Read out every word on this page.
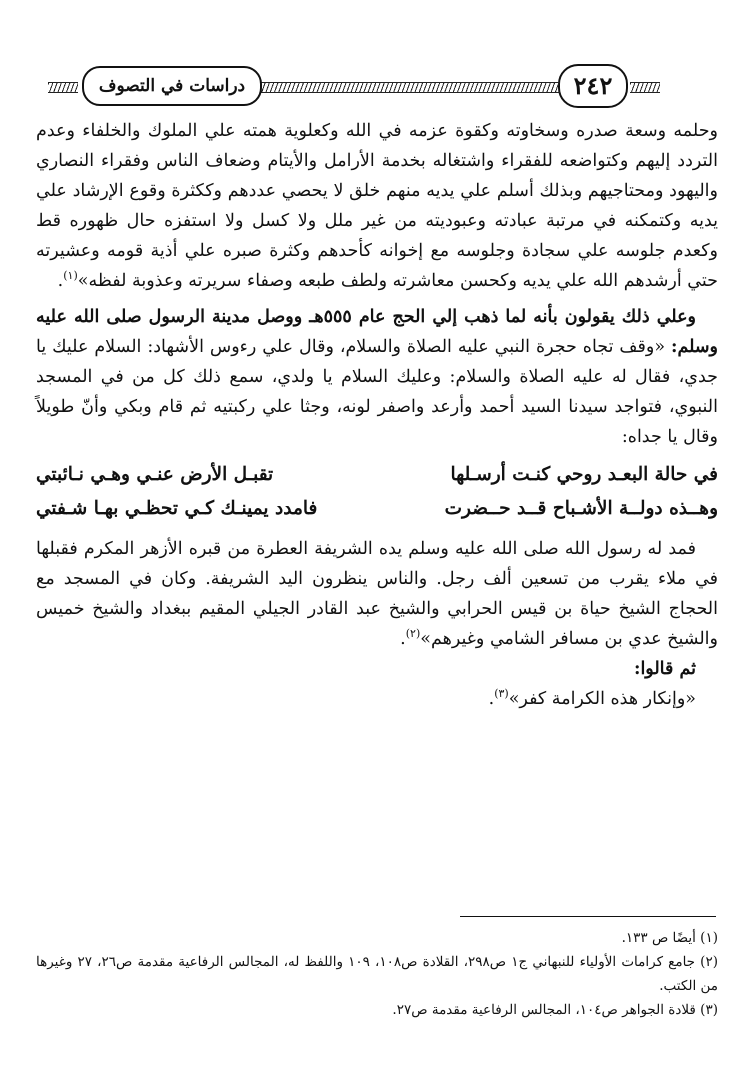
٢٤٢
دراسات في التصوف

وحلمه وسعة صدره وسخاوته وكقوة عزمه في الله وكعلوية همته علي الملوك والخلفاء وعدم التردد إليهم وكتواضعه للفقراء واشتغاله بخدمة الأرامل والأيتام وضعاف الناس وفقراء النصاري واليهود ومحتاجيهم وبذلك أسلم علي يديه منهم خلق لا يحصي عددهم وككثرة وقوع الإرشاد علي يديه وكتمكنه في مرتبة عبادته وعبوديته من غير ملل ولا كسل ولا استفزه حال ظهوره قط وكعدم جلوسه علي سجادة وجلوسه مع إخوانه كأحدهم وكثرة صبره علي أذية قومه وعشيرته حتي أرشدهم الله علي يديه وكحسن معاشرته ولطف طبعه وصفاء سريرته وعذوبة لفظه»$^{(١)}$.

وعلي ذلك يقولون بأنه لما ذهب إلي الحج عام ٥٥٥هـ ووصل مدينة الرسول صلى الله عليه وسلم: «وقف تجاه حجرة النبي عليه الصلاة والسلام، وقال علي رءوس الأشهاد: السلام عليك يا جدي، فقال له عليه الصلاة والسلام: وعليك السلام يا ولدي، سمع ذلك كل من في المسجد النبوي، فتواجد سيدنا السيد أحمد وأرعد واصفر لونه، وجثا علي ركبتيه ثم قام وبكي وأنّ طويلاً وقال يا جداه:

في حالة البعـد روحي كنـت أرسـلها
تقبـل الأرض عنـي وهـي نـائبتي
وهــذه دولــة الأشـباح قــد حــضرت
فامدد يمينـك كـي تحظـي بهـا شـفتي

فمد له رسول الله صلى الله عليه وسلم يده الشريفة العطرة من قبره الأزهر المكرم فقبلها في ملاء يقرب من تسعين ألف رجل. والناس ينظرون اليد الشريفة. وكان في المسجد مع الحجاج الشيخ حياة بن قيس الحرابي والشيخ عبد القادر الجيلي المقيم ببغداد والشيخ خميس والشيخ عدي بن مسافر الشامي وغيرهم»$^{(٢)}$.

ثم قالوا:

«وإنكار هذه الكرامة كفر»$^{(٣)}$.

(١) أيضًا ص ١٣٣.

(٢) جامع كرامات الأولياء للنبهاني ج١ ص٢٩٨، القلادة ص١٠٨، ١٠٩ واللفظ له، المجالس الرفاعية مقدمة ص٢٦، ٢٧ وغيرها من الكتب.

(٣) قلادة الجواهر ص١٠٤، المجالس الرفاعية مقدمة ص٢٧.
